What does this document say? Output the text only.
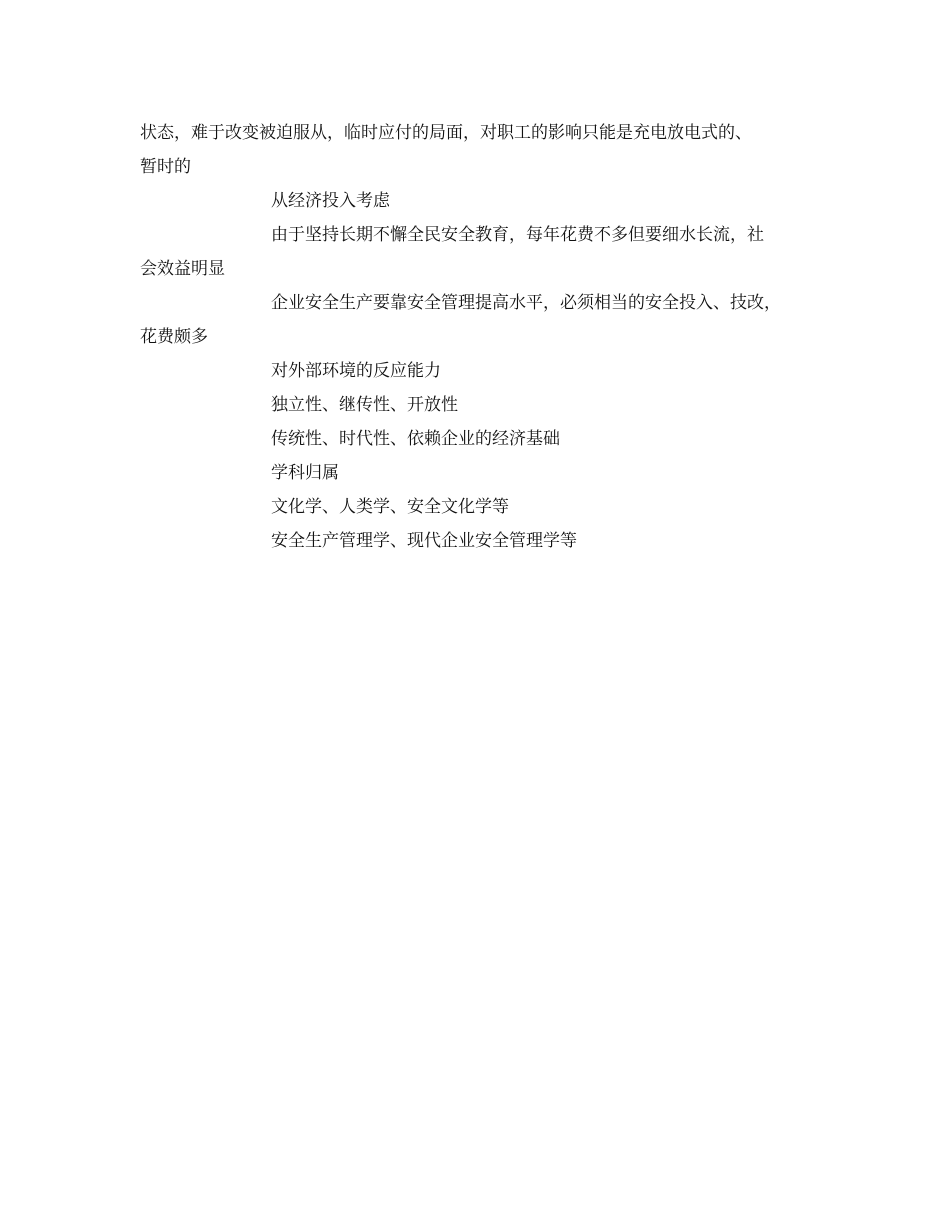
状态，难于改变被迫服从，临时应付的局面，对职工的影响只能是充电放电式的、
暂时的
从经济投入考虑
由于坚持长期不懈全民安全教育，每年花费不多但要细水长流，社
会效益明显
企业安全生产要靠安全管理提高水平，必须相当的安全投入、技改，
花费颇多
对外部环境的反应能力
独立性、继传性、开放性
传统性、时代性、依赖企业的经济基础
学科归属
文化学、人类学、安全文化学等
安全生产管理学、现代企业安全管理学等
